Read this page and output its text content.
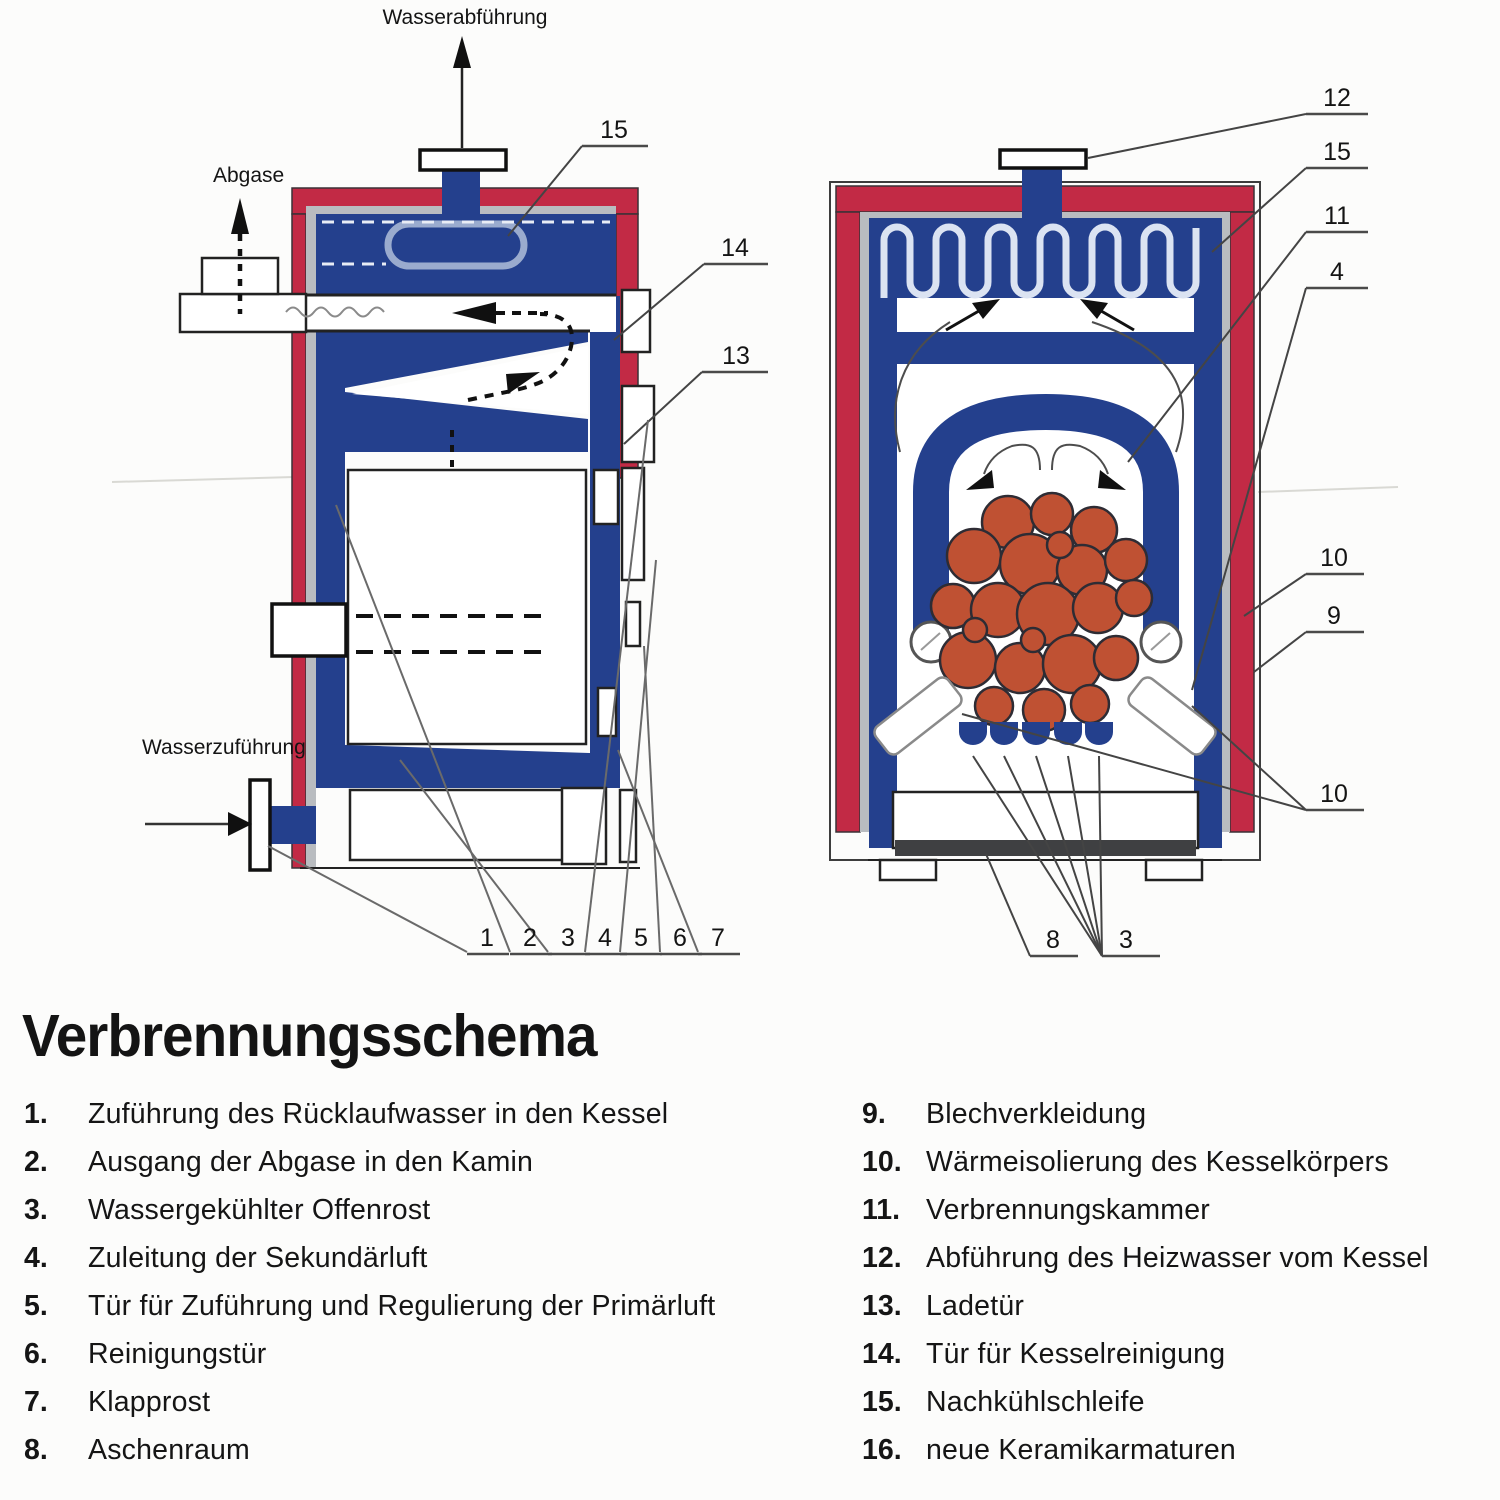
Wasserabführung
Abgase
Wasserzuführung
15
14
13
1 2 3 4 5 6 7
12
15
11
4
10
9
10
8 3
Verbrennungsschema
1.	Zuführung des Rücklaufwasser in den Kessel
2.	Ausgang der Abgase in den Kamin
3.	Wassergekühlter Offenrost
4.	Zuleitung der Sekundärluft
5.	Tür für Zuführung und Regulierung der Primärluft
6.	Reinigungstür
7.	Klapprost
8.	Aschenraum
9.	Blechverkleidung
10. Wärmeisolierung des Kesselkörpers
11. Verbrennungskammer
12. Abführung des Heizwasser vom Kessel
13. Ladetür
14. Tür für Kesselreinigung
15. Nachkühlschleife
16. neue Keramikarmaturen
